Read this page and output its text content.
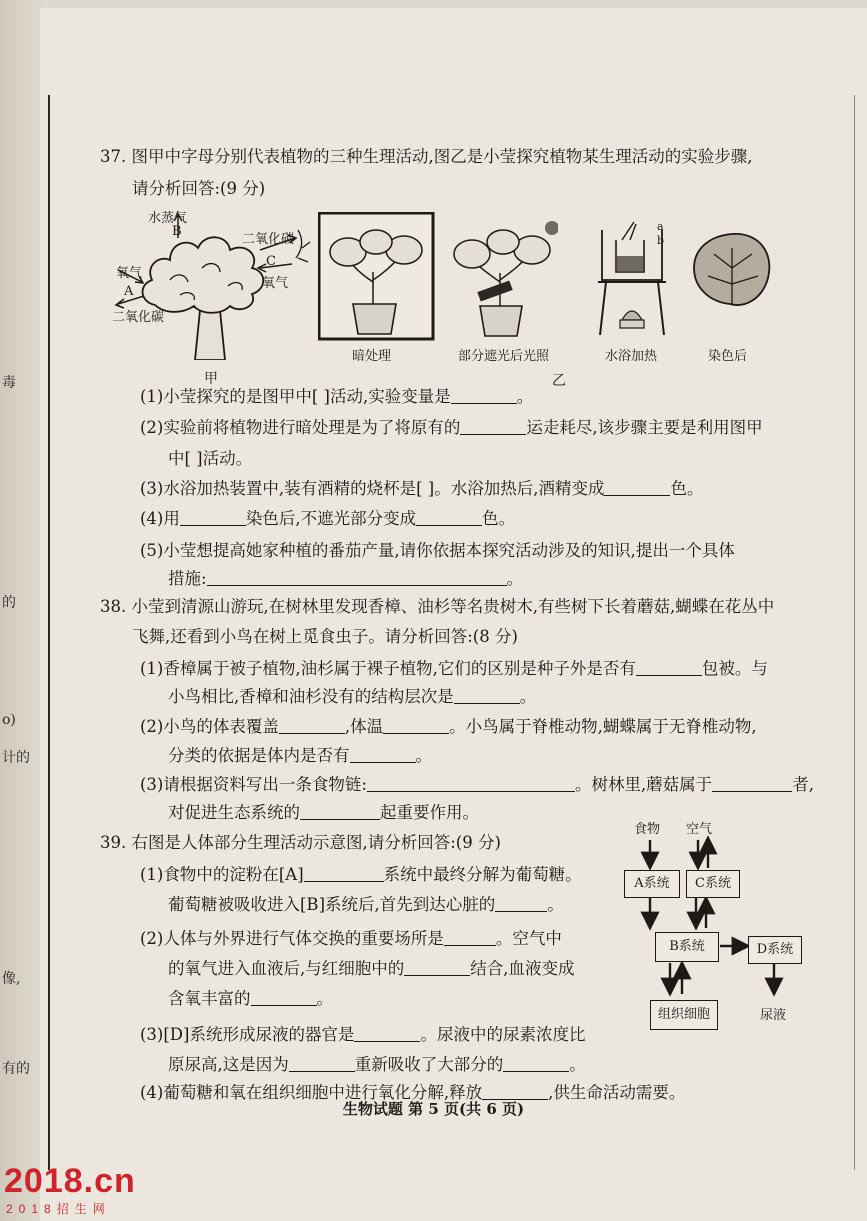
毒
的
o)
计的
像,
有的
37. 图甲中字母分别代表植物的三种生理活动,图乙是小莹探究植物某生理活动的实验步骤,
请分析回答:(9 分)
水蒸气
B
二氧化碳
C
氧气
氧气
A
二氧化碳
甲
a
b
暗处理	部分遮光后光照	水浴加热	染色后
乙
(1)小莹探究的是图甲中[ ]活动,实验变量是	。
(2)实验前将植物进行暗处理是为了将原有的	运走耗尽,该步骤主要是利用图甲
中[ ]活动。
(3)水浴加热装置中,装有酒精的烧杯是[ ]。水浴加热后,酒精变成	色。
(4)用	染色后,不遮光部分变成	色。
(5)小莹想提高她家种植的番茄产量,请你依据本探究活动涉及的知识,提出一个具体
措施:	。
38. 小莹到清源山游玩,在树林里发现香樟、油杉等名贵树木,有些树下长着蘑菇,蝴蝶在花丛中
飞舞,还看到小鸟在树上觅食虫子。请分析回答:(8 分)
(1)香樟属于被子植物,油杉属于裸子植物,它们的区别是种子外是否有	包被。与
小鸟相比,香樟和油杉没有的结构层次是	。
(2)小鸟的体表覆盖	,体温	。小鸟属于脊椎动物,蝴蝶属于无脊椎动物,
分类的依据是体内是否有	。
(3)请根据资料写出一条食物链:	。树林里,蘑菇属于	者,
对促进生态系统的	起重要作用。
39. 右图是人体部分生理活动示意图,请分析回答:(9 分)
(1)食物中的淀粉在[A]	系统中最终分解为葡萄糖。
葡萄糖被吸收进入[B]系统后,首先到达心脏的	。
(2)人体与外界进行气体交换的重要场所是	。空气中
的氧气进入血液后,与红细胞中的	结合,血液变成
含氧丰富的	。
(3)[D]系统形成尿液的器官是	。尿液中的尿素浓度比
原尿高,这是因为	重新吸收了大部分的	。
(4)葡萄糖和氧在组织细胞中进行氧化分解,释放	,供生命活动需要。
食物 空气
A系统	C系统
B系统	D系统
组织细胞	尿液
生物试题 第 5 页(共 6 页)
2018.cn
2018招生网
